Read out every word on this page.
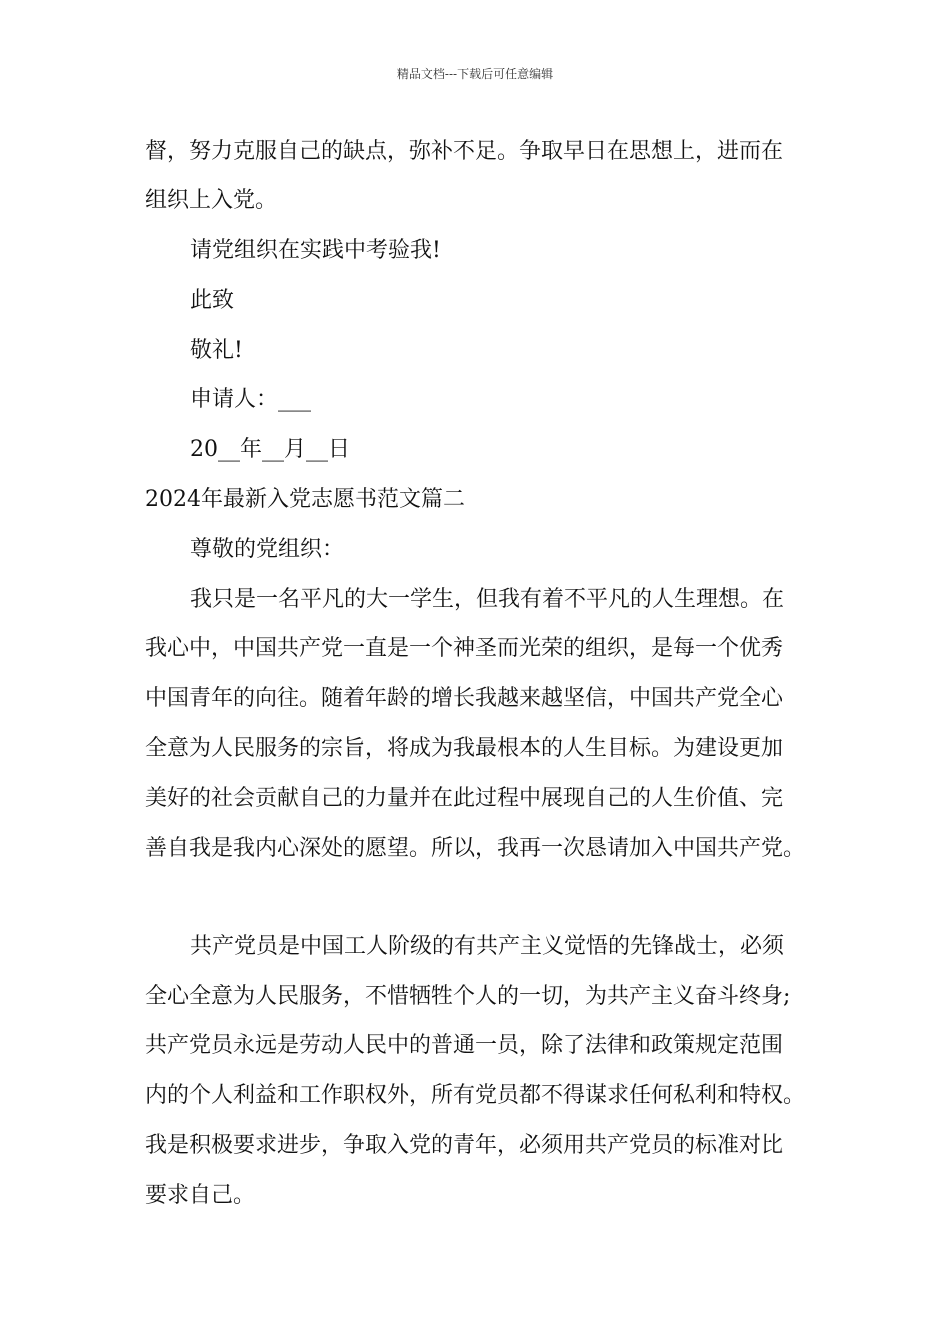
精品文档---下载后可任意编辑
督，努力克服自己的缺点，弥补不足。争取早日在思想上，进而在
组织上入党。
请党组织在实践中考验我!
此致
敬礼!
申请人：___
20__年__月__日
2024年最新入党志愿书范文篇二
尊敬的党组织：
我只是一名平凡的大一学生，但我有着不平凡的人生理想。在
我心中，中国共产党一直是一个神圣而光荣的组织，是每一个优秀
中国青年的向往。随着年龄的增长我越来越坚信，中国共产党全心
全意为人民服务的宗旨，将成为我最根本的人生目标。为建设更加
美好的社会贡献自己的力量并在此过程中展现自己的人生价值、完
善自我是我内心深处的愿望。所以，我再一次恳请加入中国共产党。
共产党员是中国工人阶级的有共产主义觉悟的先锋战士，必须
全心全意为人民服务，不惜牺牲个人的一切，为共产主义奋斗终身;
共产党员永远是劳动人民中的普通一员，除了法律和政策规定范围
内的个人利益和工作职权外，所有党员都不得谋求任何私利和特权。
我是积极要求进步，争取入党的青年，必须用共产党员的标准对比
要求自己。
